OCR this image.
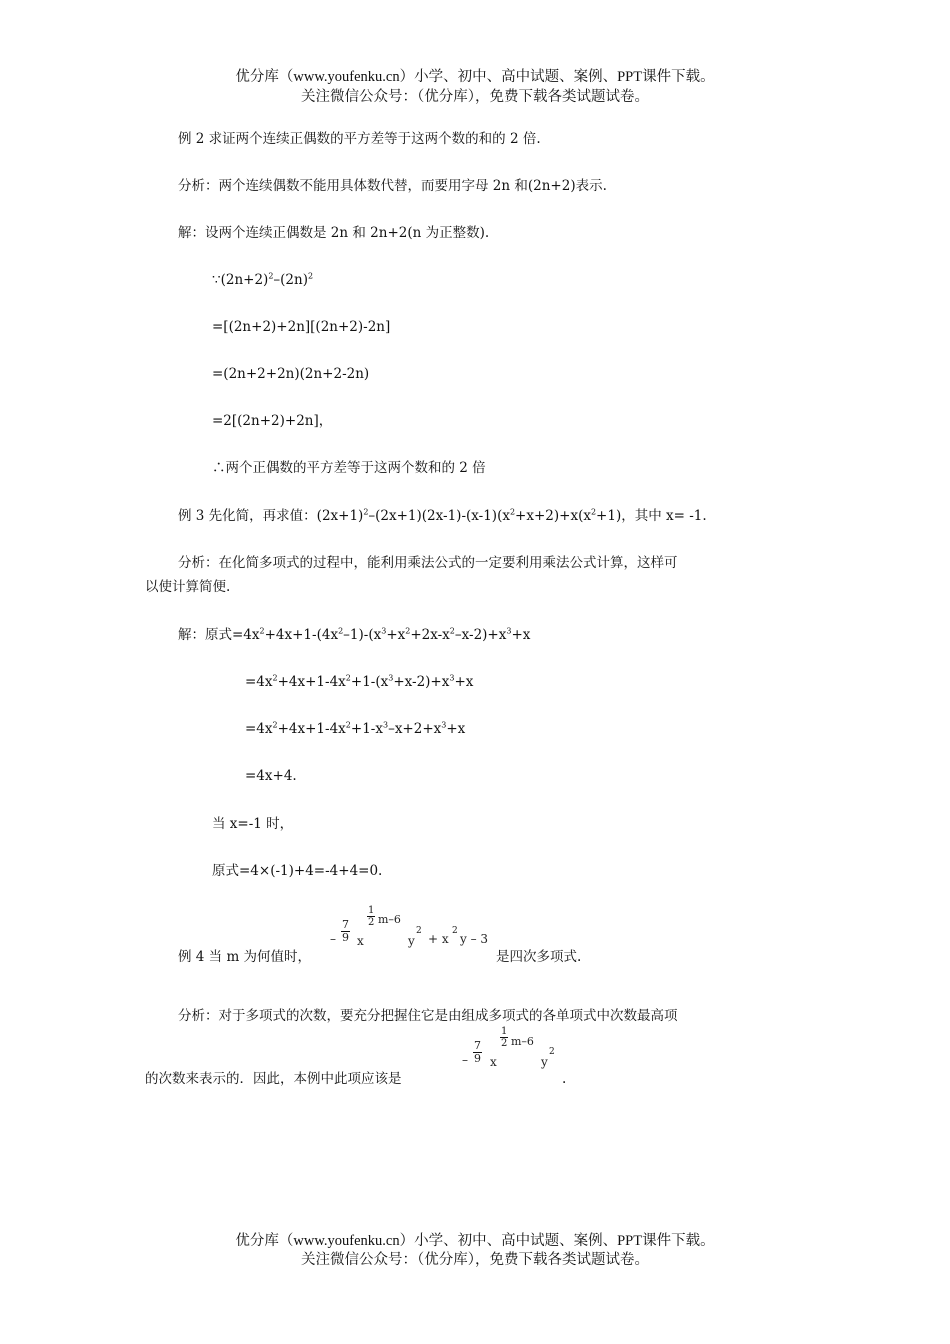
优分库（www.youfenku.cn）小学、初中、高中试题、案例、PPT课件下载。
关注微信公众号：（优分库），免费下载各类试题试卷。
例 2 求证两个连续正偶数的平方差等于这两个数的和的 2 倍.
分析：两个连续偶数不能用具体数代替，而要用字母 2n 和(2n+2)表示.
解：设两个连续正偶数是 2n 和 2n+2(n 为正整数).
$\because(2n+2)^2-(2n)^2$
=[(2n+2)+2n][(2n+2)-2n]
=(2n+2+2n)(2n+2-2n)
=2[(2n+2)+2n]，
∴两个正偶数的平方差等于这两个数和的 2 倍
例 3 先化简，再求值：$(2x+1)^2-(2x+1)(2x-1)-(x-1)(x^2+x+2)+x(x^2+1)$，其中 x= -1.
分析：在化简多项式的过程中，能利用乘法公式的一定要利用乘法公式计算，这样可
以使计算简便.
解：原式$=4x^2+4x+1-(4x^2-1)-(x^3+x^2+2x-x^2-x-2)+x^3+x$
$=4x^2+4x+1-4x^2+1-(x^3+x-2)+x^3+x$
$=4x^2+4x+1-4x^2+1-x^3-x+2+x^3+x$
=4x+4.
当 x=-1 时，
原式=4×(-1)+4=-4+4=0.
例 4 当 m 为何值时，
– $\frac{7}{9}$ x
$\frac{1}{2} m-6$
y
2
+ x
2
y – 3
是四次多项式.
分析：对于多项式的次数，要充分把握住它是由组成多项式的各单项式中次数最高项
的次数来表示的．因此，本例中此项应该是
– $\frac{7}{9}$ x
$\frac{1}{2} m-6$
y
2
.
优分库（www.youfenku.cn）小学、初中、高中试题、案例、PPT课件下载。
关注微信公众号：（优分库），免费下载各类试题试卷。
